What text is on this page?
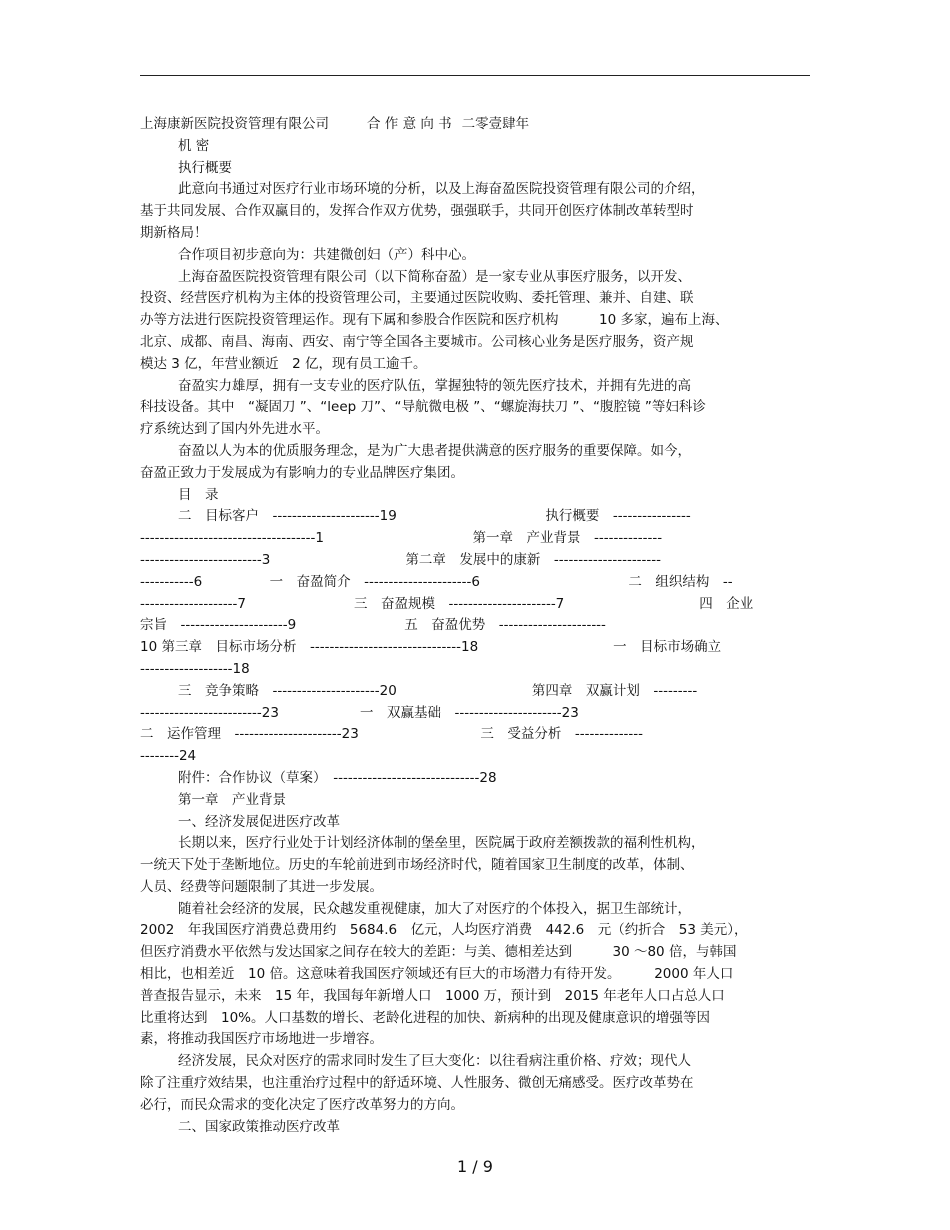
上海康新医院投资管理有限公司	合 作 意 向 书 二零壹肆年
机 密
执行概要
此意向书通过对医疗行业市场环境的分析，以及上海奋盈医院投资管理有限公司的介绍，
基于共同发展、合作双赢目的，发挥合作双方优势，强强联手，共同开创医疗体制改革转型时
期新格局！
合作项目初步意向为：共建微创妇（产）科中心。
上海奋盈医院投资管理有限公司（以下简称奋盈）是一家专业从事医疗服务，以开发、
投资、经营医疗机构为主体的投资管理公司，主要通过医院收购、委托管理、兼并、自建、联
办等方法进行医院投资管理运作。现有下属和参股合作医院和医疗机构　　　10 多家，遍布上海、
北京、成都、南昌、海南、西安、南宁等全国各主要城市。公司核心业务是医疗服务，资产规
模达 3 亿，年营业额近　2 亿，现有员工逾千。
奋盈实力雄厚，拥有一支专业的医疗队伍，掌握独特的领先医疗技术，并拥有先进的高
科技设备。其中　“凝固刀 ”、“leep 刀”、“导航微电极 ”、“螺旋海扶刀 ”、“腹腔镜 ”等妇科诊
疗系统达到了国内外先进水平。
奋盈以人为本的优质服务理念，是为广大患者提供满意的医疗服务的重要保障。如今，
奋盈正致力于发展成为有影响力的专业品牌医疗集团。
目　录
二　目标客户　----------------------19　　　　　　　　　　　执行概要　----------------
------------------------------------1　　　　　　　　　　　第一章　产业背景　--------------
-------------------------3　　　　　　　　　　第二章　发展中的康新　----------------------
-----------6　　　　　一　奋盈简介　----------------------6　　　　　　　　　　　二　组织结构　--
--------------------7　　　　　　　　三　奋盈规模　----------------------7　　　　　　　　　　四　企业
宗旨　----------------------9　　　　　　　　五　奋盈优势　----------------------
10 第三章　目标市场分析　-------------------------------18　　　　　　　　　　一　目标市场确立
-------------------18
三　竞争策略　----------------------20　　　　　　　　　　第四章　双赢计划　---------
-------------------------23　　　　　　一　双赢基础　----------------------23
二　运作管理　----------------------23　　　　　　　　　三　受益分析　--------------
--------24
附件：合作协议（草案）　------------------------------28
第一章　产业背景
一、经济发展促进医疗改革
长期以来，医疗行业处于计划经济体制的堡垒里，医院属于政府差额拨款的福利性机构，
一统天下处于垄断地位。历史的车轮前进到市场经济时代，随着国家卫生制度的改革，体制、
人员、经费等问题限制了其进一步发展。
随着社会经济的发展，民众越发重视健康，加大了对医疗的个体投入，据卫生部统计，
2002　年我国医疗消费总费用约　5684.6　亿元，人均医疗消费　442.6　元（约折合　53 美元），
但医疗消费水平依然与发达国家之间存在较大的差距：与美、德相差达到　　　30 ～80 倍，与韩国
相比，也相差近　10 倍。这意味着我国医疗领域还有巨大的市场潜力有待开发。　　　2000 年人口
普查报告显示，未来　15 年，我国每年新增人口　1000 万，预计到　2015 年老年人口占总人口
比重将达到　10%。人口基数的增长、老龄化进程的加快、新病种的出现及健康意识的增强等因
素，将推动我国医疗市场地进一步增容。
经济发展，民众对医疗的需求同时发生了巨大变化：以往看病注重价格、疗效；现代人
除了注重疗效结果，也注重治疗过程中的舒适环境、人性服务、微创无痛感受。医疗改革势在
必行，而民众需求的变化决定了医疗改革努力的方向。
二、国家政策推动医疗改革
1 / 9
